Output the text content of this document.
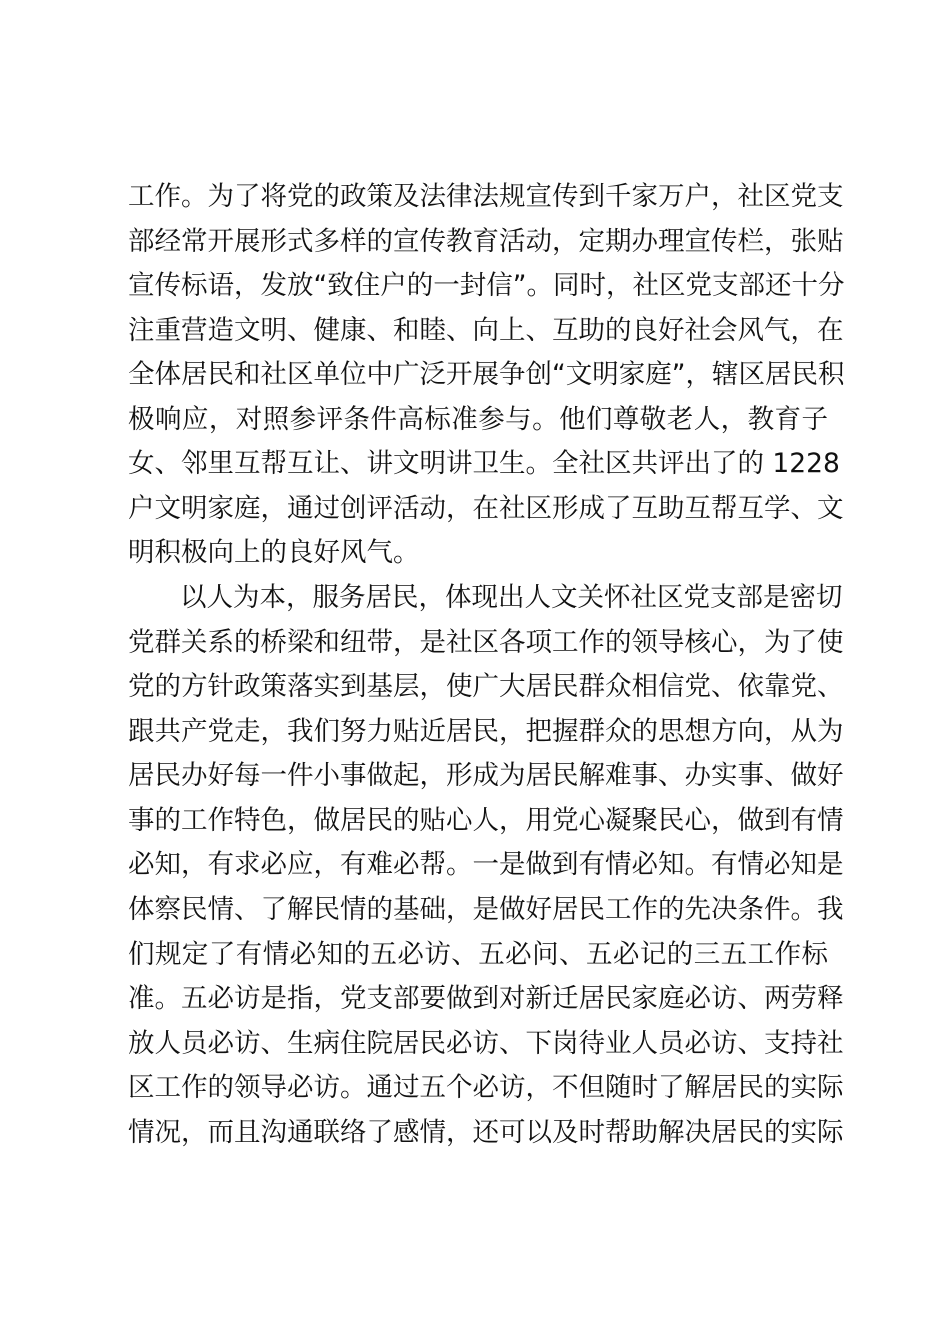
工作。为了将党的政策及法律法规宣传到千家万户，社区党支
部经常开展形式多样的宣传教育活动，定期办理宣传栏，张贴
宣传标语，发放“致住户的一封信”。同时，社区党支部还十分
注重营造文明、健康、和睦、向上、互助的良好社会风气，在
全体居民和社区单位中广泛开展争创“文明家庭”，辖区居民积
极响应，对照参评条件高标准参与。他们尊敬老人，教育子
女、邻里互帮互让、讲文明讲卫生。全社区共评出了的 1228
户文明家庭，通过创评活动，在社区形成了互助互帮互学、文
明积极向上的良好风气。
以人为本，服务居民，体现出人文关怀社区党支部是密切
党群关系的桥梁和纽带，是社区各项工作的领导核心，为了使
党的方针政策落实到基层，使广大居民群众相信党、依靠党、
跟共产党走，我们努力贴近居民，把握群众的思想方向，从为
居民办好每一件小事做起，形成为居民解难事、办实事、做好
事的工作特色，做居民的贴心人，用党心凝聚民心，做到有情
必知，有求必应，有难必帮。一是做到有情必知。有情必知是
体察民情、了解民情的基础，是做好居民工作的先决条件。我
们规定了有情必知的五必访、五必问、五必记的三五工作标
准。五必访是指，党支部要做到对新迁居民家庭必访、两劳释
放人员必访、生病住院居民必访、下岗待业人员必访、支持社
区工作的领导必访。通过五个必访，不但随时了解居民的实际
情况，而且沟通联络了感情，还可以及时帮助解决居民的实际
